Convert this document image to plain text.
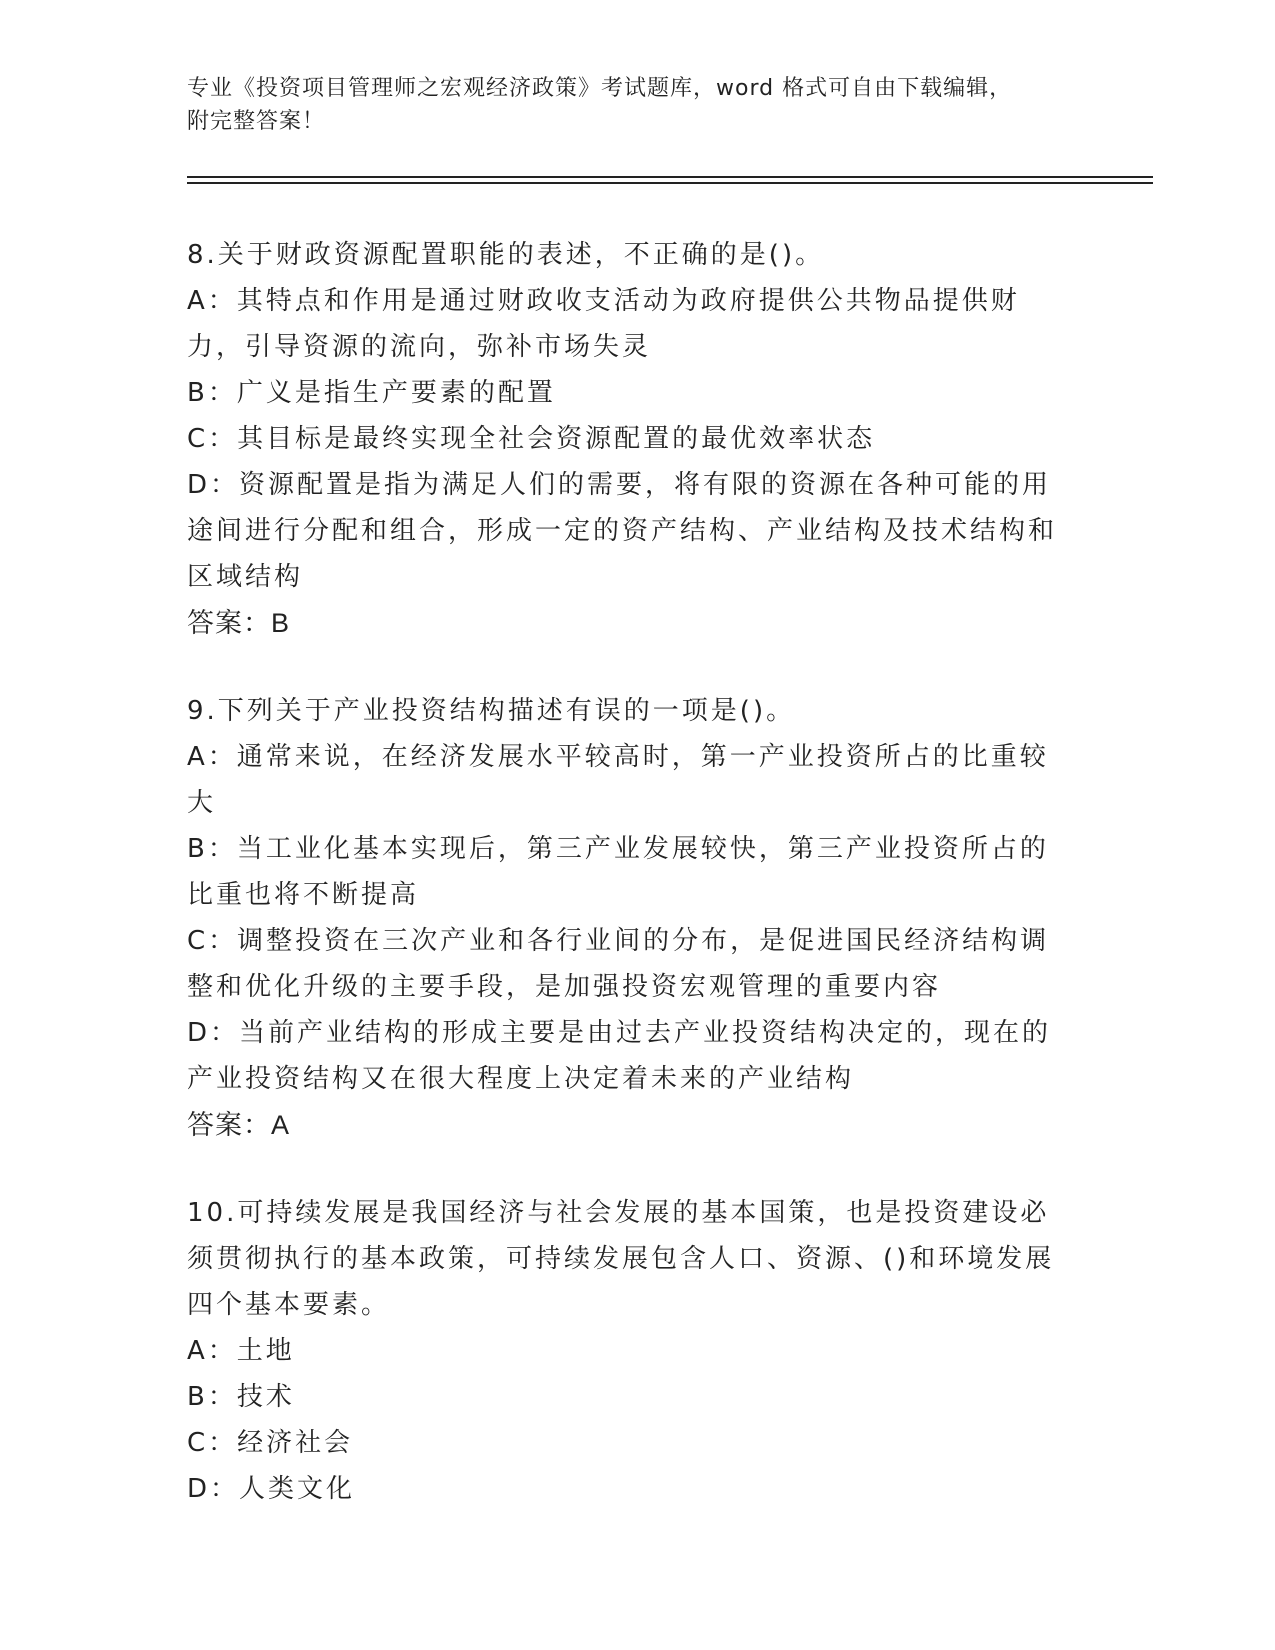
专业《投资项目管理师之宏观经济政策》考试题库，word 格式可自由下载编辑，
附完整答案！

8.关于财政资源配置职能的表述，不正确的是()。

A：其特点和作用是通过财政收支活动为政府提供公共物品提供财力，引导资源的流向，弥补市场失灵

B：广义是指生产要素的配置

C：其目标是最终实现全社会资源配置的最优效率状态

D：资源配置是指为满足人们的需要，将有限的资源在各种可能的用途间进行分配和组合，形成一定的资产结构、产业结构及技术结构和区域结构

答案：B

9.下列关于产业投资结构描述有误的一项是()。

A：通常来说，在经济发展水平较高时，第一产业投资所占的比重较大

B：当工业化基本实现后，第三产业发展较快，第三产业投资所占的比重也将不断提高

C：调整投资在三次产业和各行业间的分布，是促进国民经济结构调整和优化升级的主要手段，是加强投资宏观管理的重要内容

D：当前产业结构的形成主要是由过去产业投资结构决定的，现在的产业投资结构又在很大程度上决定着未来的产业结构

答案：A

10.可持续发展是我国经济与社会发展的基本国策，也是投资建设必须贯彻执行的基本政策，可持续发展包含人口、资源、()和环境发展四个基本要素。

A：土地

B：技术

C：经济社会

D：人类文化
